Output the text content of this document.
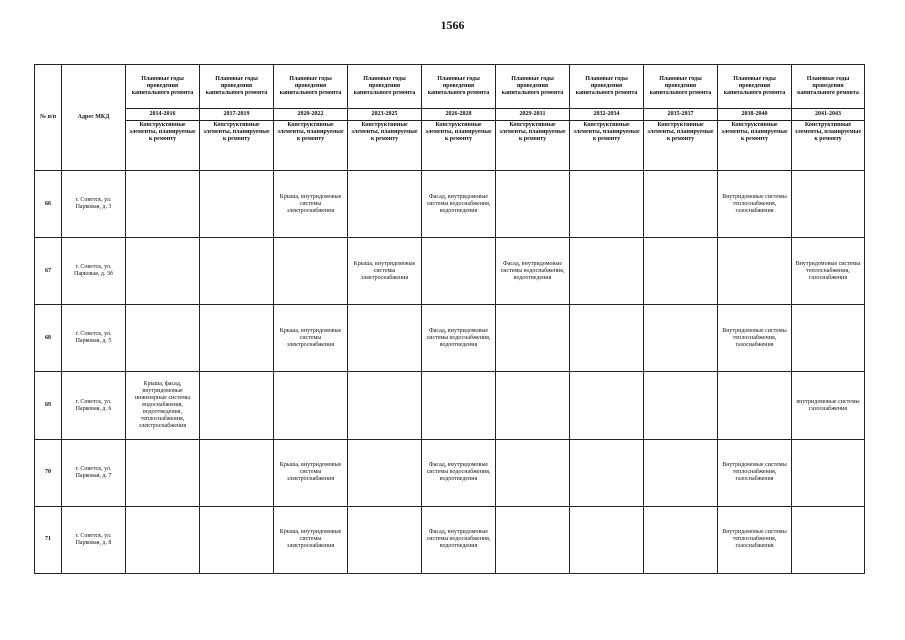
1566
№ п/п	Адрес МКД	Плановые годы проведения капитального ремонта	Плановые годы проведения капитального ремонта	Плановые годы проведения капитального ремонта	Плановые годы проведения капитального ремонта	Плановые годы проведения капитального ремонта	Плановые годы проведения капитального ремонта	Плановые годы проведения капитального ремонта	Плановые годы проведения капитального ремонта	Плановые годы проведения капитального ремонта	Плановые годы проведения капитального ремонта
		2014-2016	2017-2019	2020-2022	2023-2025	2026-2028	2029-2031	2032-2034	2035-2037	2038-2040	2041-2043
		Конструктивные элементы, планируемые к ремонту	Конструктивные элементы, планируемые к ремонту	Конструктивные элементы, планируемые к ремонту	Конструктивные элементы, планируемые к ремонту	Конструктивные элементы, планируемые к ремонту	Конструктивные элементы, планируемые к ремонту	Конструктивные элементы, планируемые к ремонту	Конструктивные элементы, планируемые к ремонту	Конструктивные элементы, планируемые к ремонту	Конструктивные элементы, планируемые к ремонту
66	г. Советск, ул. Парковая, д. 3			Крыша, внутридомовые системы электроснабжения		Фасад, внутридомовые системы водоснабжения, водоотведения				Внутридомовые системы теплоснабжения, газоснабжения	
67	г. Советск, ул. Парковая, д. 3б				Крыша, внутридомовые системы электроснабжения		Фасад, внутридомовые системы водоснабжения, водоотведения				Внутридомовые системы теплоснабжения, газоснабжения
68	г. Советск, ул. Парковая, д. 5			Крыша, внутридомовые системы электроснабжения		Фасад, внутридомовые системы водоснабжения, водоотведения				Внутридомовые системы теплоснабжения, газоснабжения	
69	г. Советск, ул. Парковая, д. 6	Крыша, фасад, внутридомовые инженерные системы водоснабжения, водоотведения, теплоснабжения, электроснабжения									внутридомовые системы газоснабжения
70	г. Советск, ул. Парковая, д. 7			Крыша, внутридомовые системы электроснабжения		Фасад, внутридомовые системы водоснабжения, водоотведения				Внутридомовые системы теплоснабжения, газоснабжения	
71	г. Советск, ул. Парковая, д. 8			Крыша, внутридомовые системы электроснабжения		Фасад, внутридомовые системы водоснабжения, водоотведения				Внутридомовые системы теплоснабжения, газоснабжения	
